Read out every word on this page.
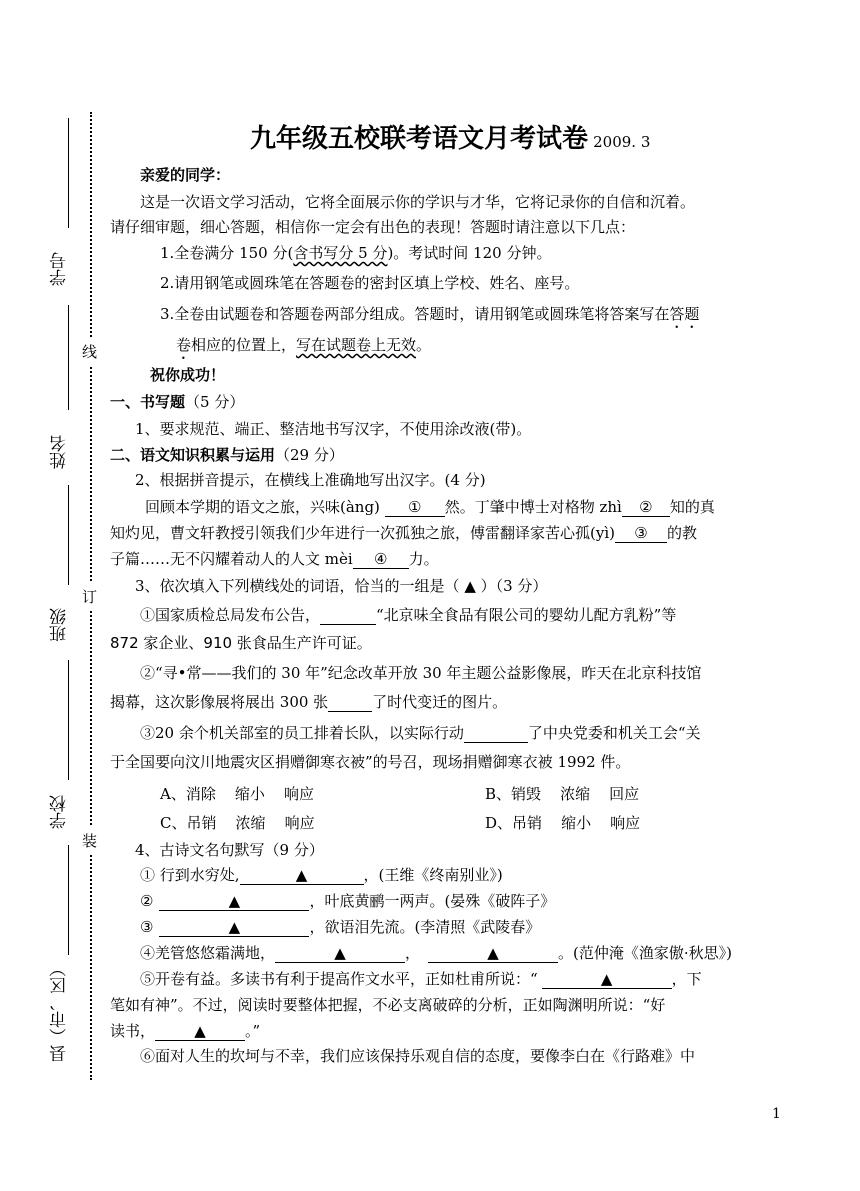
学号
姓名
班级
学校
县（市、区）
线
订
装
九年级五校联考语文月考试卷 2009. 3
亲爱的同学：
这是一次语文学习活动，它将全面展示你的学识与才华，它将记录你的自信和沉着。
请仔细审题，细心答题，相信你一定会有出色的表现！答题时请注意以下几点：
1.全卷满分 150 分(含书写分 5 分)。考试时间 120 分钟。
2.请用钢笔或圆珠笔在答题卷的密封区填上学校、姓名、座号。
3.全卷由试题卷和答题卷两部分组成。答题时，请用钢笔或圆珠笔将答案写在答题
卷相应的位置上，写在试题卷上无效。
祝你成功！
一、书写题（5 分）
1、要求规范、端正、整洁地书写汉字，不使用涂改液(带)。
二、语文知识积累与运用（29 分）
2、根据拼音提示，在横线上准确地写出汉字。(4 分)
回顾本学期的语文之旅，兴味(àng) ① 然。丁肇中博士对格物 zhì ② 知的真
知灼见，曹文轩教授引领我们少年进行一次孤独之旅，傅雷翻译家苦心孤(yì) ③ 的教
子篇……无不闪耀着动人的人文 mèi ④ 力。
3、依次填入下列横线处的词语，恰当的一组是（ ▲ ）（3 分）
①国家质检总局发布公告，	“北京味全食品有限公司的婴幼儿配方乳粉”等
872 家企业、910 张食品生产许可证。
②“寻•常——我们的 30 年”纪念改革开放 30 年主题公益影像展，昨天在北京科技馆
揭幕，这次影像展将展出 300 张	了时代变迁的图片。
③20 余个机关部室的员工排着长队，以实际行动	了中央党委和机关工会“关
于全国要向汶川地震灾区捐赠御寒衣被”的号召，现场捐赠御寒衣被 1992 件。
A、消除    缩小    响应	B、销毁    浓缩    回应
C、吊销    浓缩    响应	D、吊销    缩小    响应
4、古诗文名句默写（9 分）
① 行到水穷处,	▲	，(王维《终南别业》)
②	▲	，叶底黄鹂一两声。(晏殊《破阵子》
③	▲	，欲语泪先流。(李清照《武陵春》
④羌管悠悠霜满地，	▲	，	▲	。(范仲淹《渔家傲·秋思》)
⑤开卷有益。多读书有利于提高作文水平，正如杜甫所说：“	▲	，下
笔如有神”。不过，阅读时要整体把握，不必支离破碎的分析，正如陶渊明所说：“好
读书，	▲	。”
⑥面对人生的坎坷与不幸，我们应该保持乐观自信的态度，要像李白在《行路难》中
1
